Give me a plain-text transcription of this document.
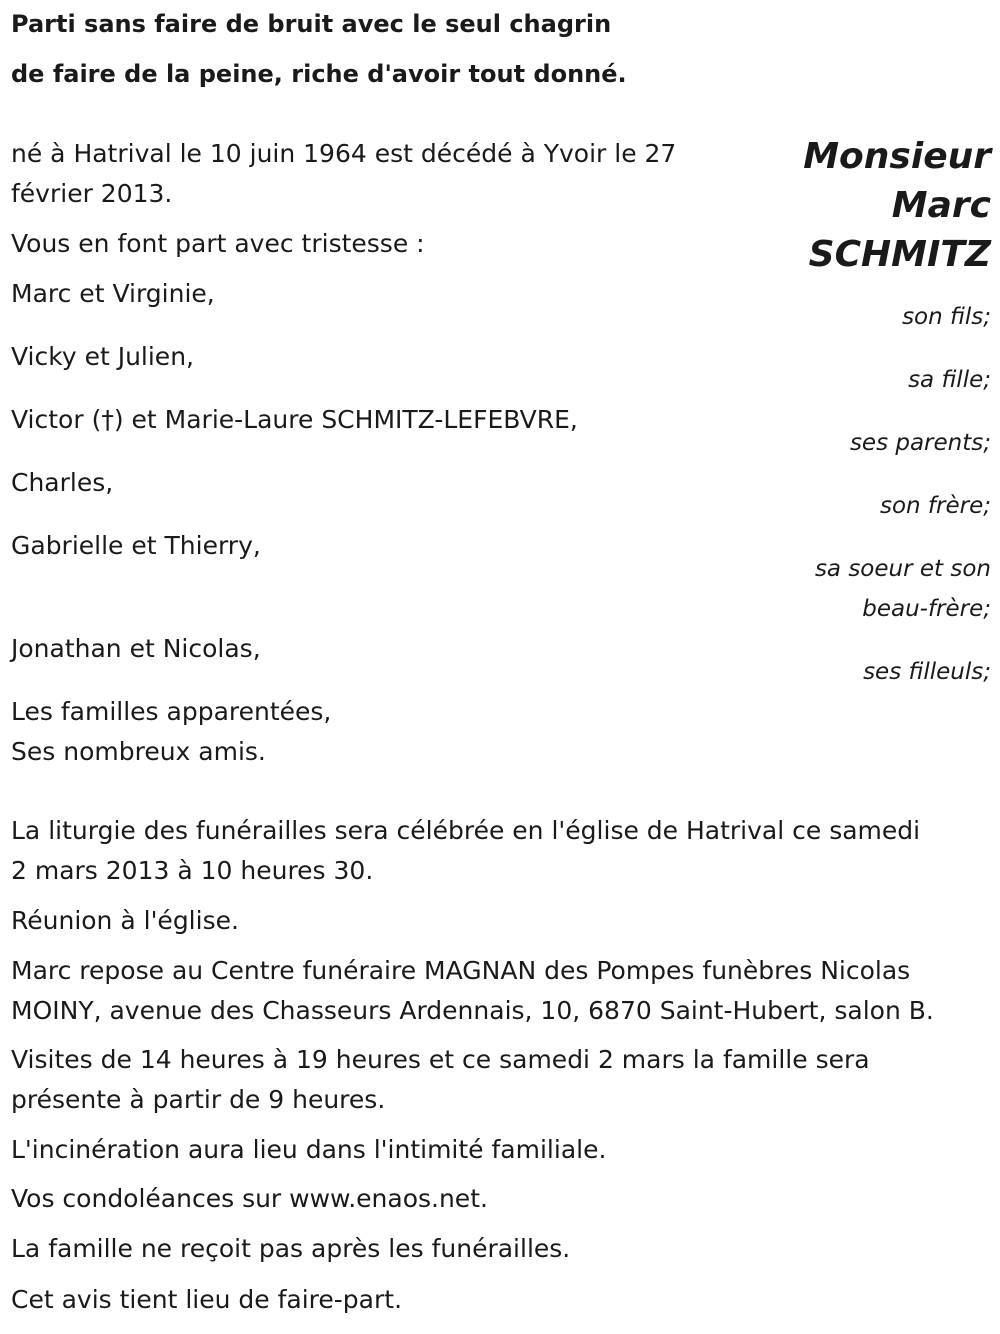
Parti sans faire de bruit avec le seul chagrin
de faire de la peine, riche d'avoir tout donné.
Monsieur
Marc
SCHMITZ
né à Hatrival le 10 juin 1964 est décédé à Yvoir le 27
février 2013.
Vous en font part avec tristesse :
Marc et Virginie,
Vicky et Julien,
Victor (†) et Marie-Laure SCHMITZ-LEFEBVRE,
Charles,
Gabrielle et Thierry,
Jonathan et Nicolas,
son fils;
sa fille;
ses parents;
son frère;
sa soeur et son
beau-frère;
ses filleuls;
Les familles apparentées,
Ses nombreux amis.
La liturgie des funérailles sera célébrée en l'église de Hatrival ce samedi
2 mars 2013 à 10 heures 30.
Réunion à l'église.
Marc repose au Centre funéraire MAGNAN des Pompes funèbres Nicolas
MOINY, avenue des Chasseurs Ardennais, 10, 6870 Saint-Hubert, salon B.
Visites de 14 heures à 19 heures et ce samedi 2 mars la famille sera
présente à partir de 9 heures.
L'incinération aura lieu dans l'intimité familiale.
Vos condoléances sur www.enaos.net.
La famille ne reçoit pas après les funérailles.
Cet avis tient lieu de faire-part.
